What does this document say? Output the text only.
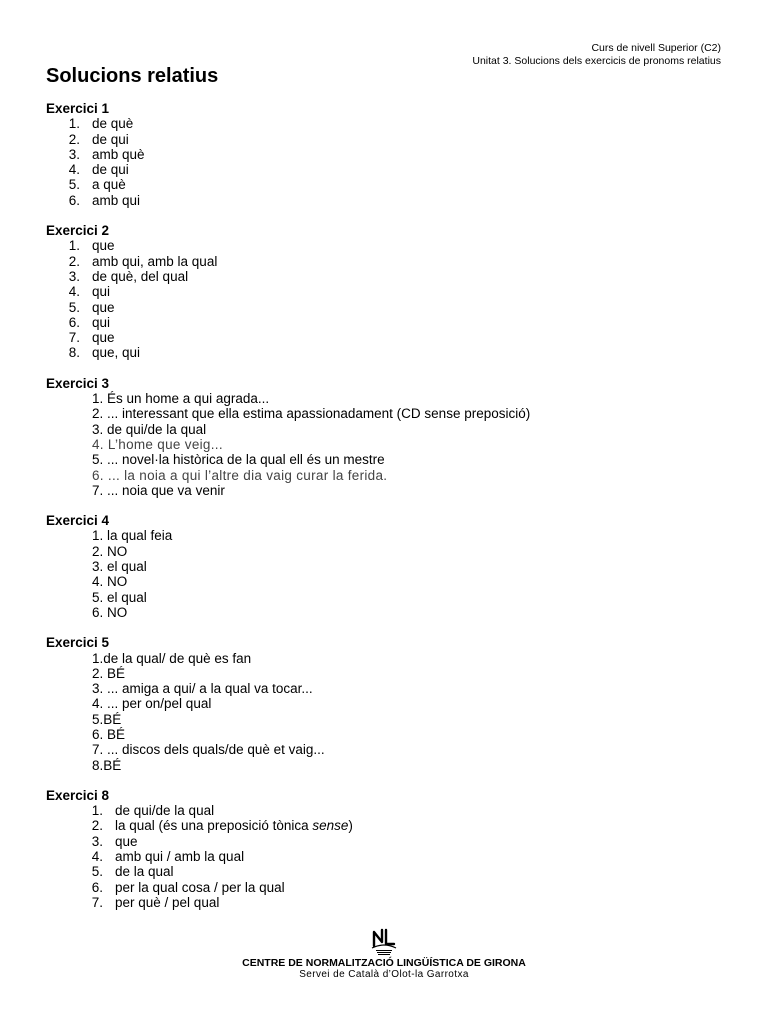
Curs de nivell Superior (C2)
Unitat 3. Solucions dels exercicis de pronoms relatius
Solucions relatius
Exercici 1
1. de què
2. de qui
3. amb què
4. de qui
5. a què
6. amb qui
Exercici 2
1. que
2. amb qui, amb la qual
3. de què, del qual
4. qui
5. que
6. qui
7. que
8. que, qui
Exercici 3
1. És un home a qui agrada...
2. ... interessant que ella estima apassionadament (CD sense preposició)
3. de qui/de la qual
4. L’home que veig...
5. ... novel·la històrica de la qual ell és un mestre
6. ... la noia a qui l’altre dia vaig curar la ferida.
7. ... noia que va venir
Exercici 4
1. la qual feia
2. NO
3. el qual
4. NO
5. el qual
6. NO
Exercici 5
1.de la qual/ de què es fan
2. BÉ
3. ... amiga a qui/ a la qual va tocar...
4. ... per on/pel qual
5.BÉ
6. BÉ
7. ... discos dels quals/de què et vaig...
8.BÉ
Exercici 8
1. de qui/de la qual
2. la qual (és una preposició tònica sense)
3. que
4. amb qui / amb la qual
5. de la qual
6. per la qual cosa / per la qual
7. per què / pel qual
CENTRE DE NORMALITZACIÓ LINGÜÍSTICA DE GIRONA
Servei de Català d’Olot-la Garrotxa
